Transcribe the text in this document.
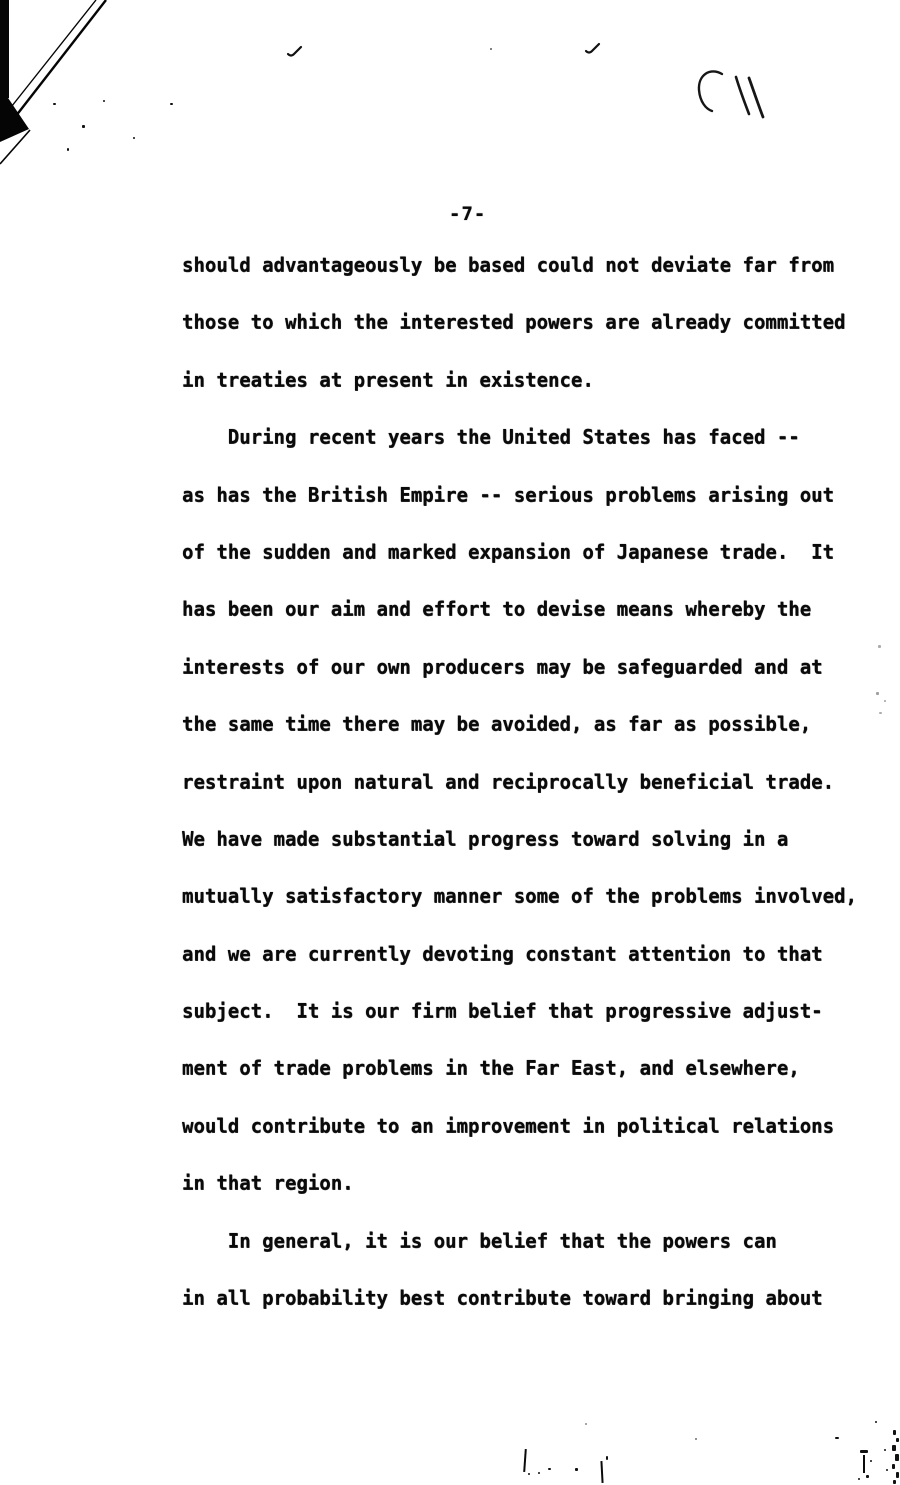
-7-
should advantageously be based could not deviate far from
those to which the interested powers are already committed
in treaties at present in existence.
During recent years the United States has faced --
as has the British Empire -- serious problems arising out
of the sudden and marked expansion of Japanese trade.  It
has been our aim and effort to devise means whereby the
interests of our own producers may be safeguarded and at
the same time there may be avoided, as far as possible,
restraint upon natural and reciprocally beneficial trade.
We have made substantial progress toward solving in a
mutually satisfactory manner some of the problems involved,
and we are currently devoting constant attention to that
subject.  It is our firm belief that progressive adjust-
ment of trade problems in the Far East, and elsewhere,
would contribute to an improvement in political relations
in that region.
In general, it is our belief that the powers can
in all probability best contribute toward bringing about
